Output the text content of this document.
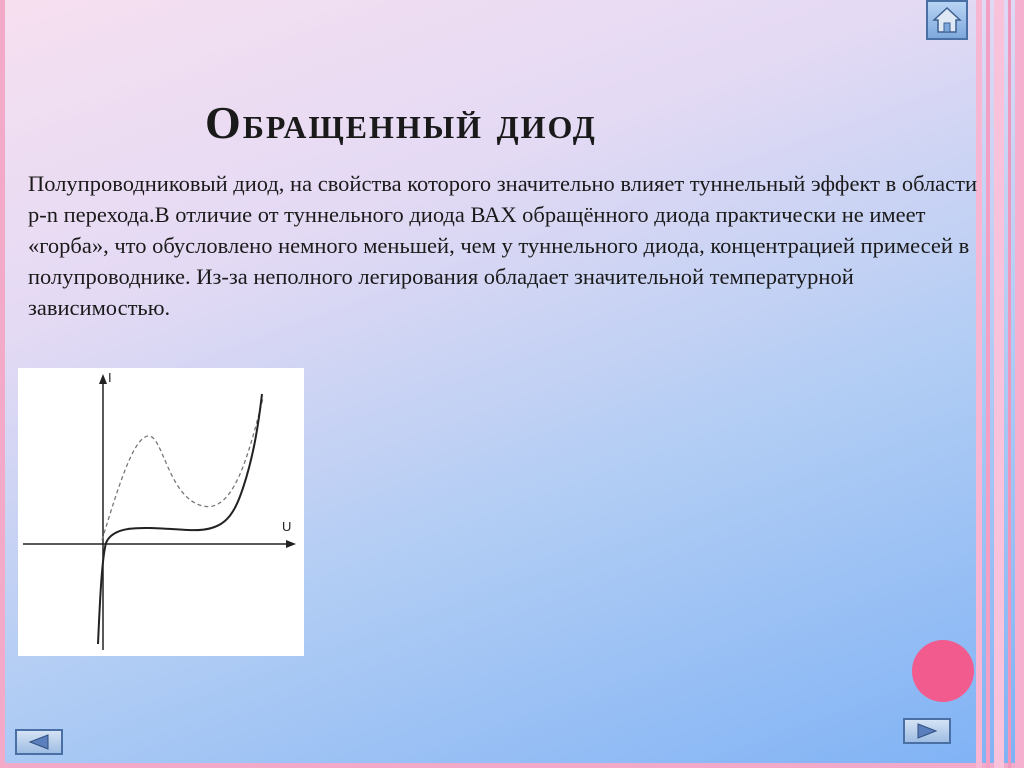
Обращенный диод
Полупроводниковый диод, на свойства которого значительно влияет туннельный эффект в области p-n перехода.В отличие от туннельного диода ВАХ обращённого диода практически не имеет «горба», что обусловлено немного меньшей, чем у туннельного диода, концентрацией примесей в полупроводнике. Из-за неполного легирования обладает значительной температурной зависимостью.
I
U
